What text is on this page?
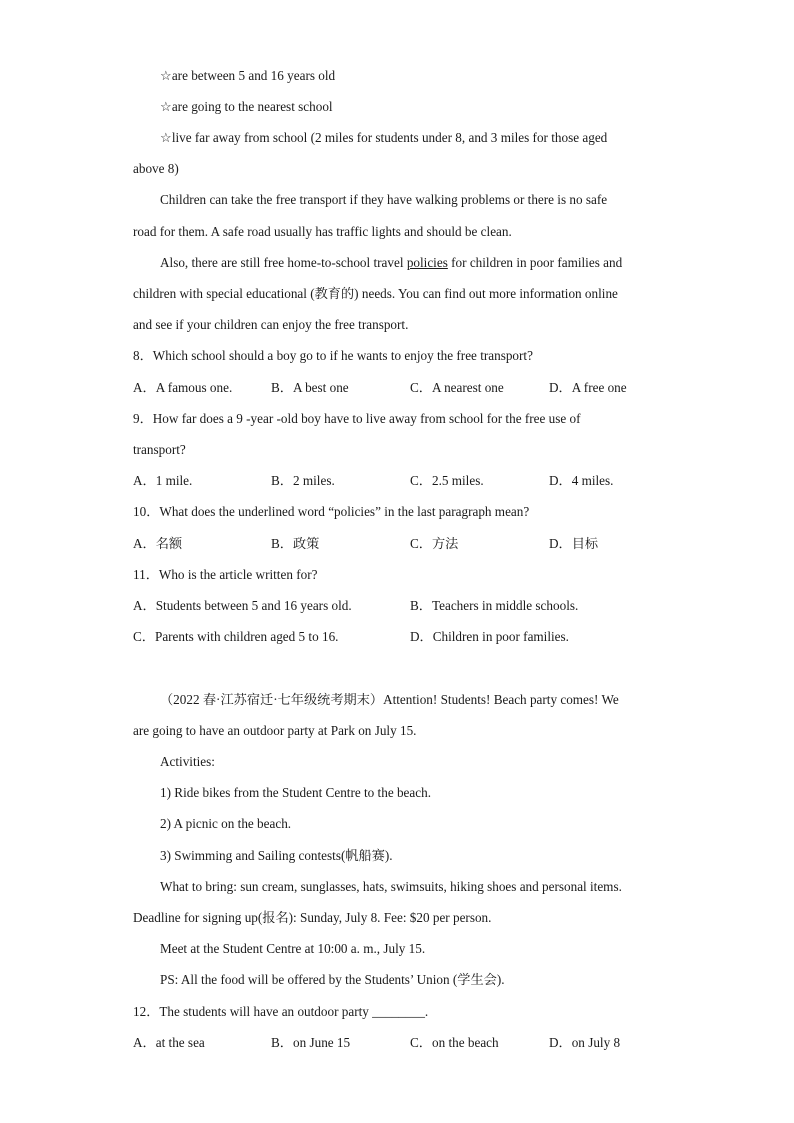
☆are between 5 and 16 years old
☆are going to the nearest school
☆live far away from school (2 miles for students under 8, and 3 miles for those aged
above 8)
Children can take the free transport if they have walking problems or there is no safe
road for them. A safe road usually has traffic lights and should be clean.
Also, there are still free home-to-school travel policies for children in poor families and
children with special educational (教育的) needs. You can find out more information online
and see if your children can enjoy the free transport.
8．Which school should a boy go to if he wants to enjoy the free transport?
A．A famous one.	B．A best one	C．A nearest one	D．A free one
9．How far does a 9 -year -old boy have to live away from school for the free use of
transport?
A．1 mile.	B．2 miles.	C．2.5 miles.	D．4 miles.
10．What does the underlined word “policies” in the last paragraph mean?
A．名额	B．政策	C．方法	D．目标
11．Who is the article written for?
A．Students between 5 and 16 years old.	B．Teachers in middle schools.
C．Parents with children aged 5 to 16.	D．Children in poor families.
（2022 春·江苏宿迁·七年级统考期末）Attention! Students! Beach party comes! We
are going to have an outdoor party at Park on July 15.
Activities:
1) Ride bikes from the Student Centre to the beach.
2) A picnic on the beach.
3) Swimming and Sailing contests(帆船赛).
What to bring: sun cream, sunglasses, hats, swimsuits, hiking shoes and personal items.
Deadline for signing up(报名): Sunday, July 8. Fee: $20 per person.
Meet at the Student Centre at 10:00 a. m., July 15.
PS: All the food will be offered by the Students’ Union (学生会).
12．The students will have an outdoor party ________.
A．at the sea	B．on June 15	C．on the beach	D．on July 8
